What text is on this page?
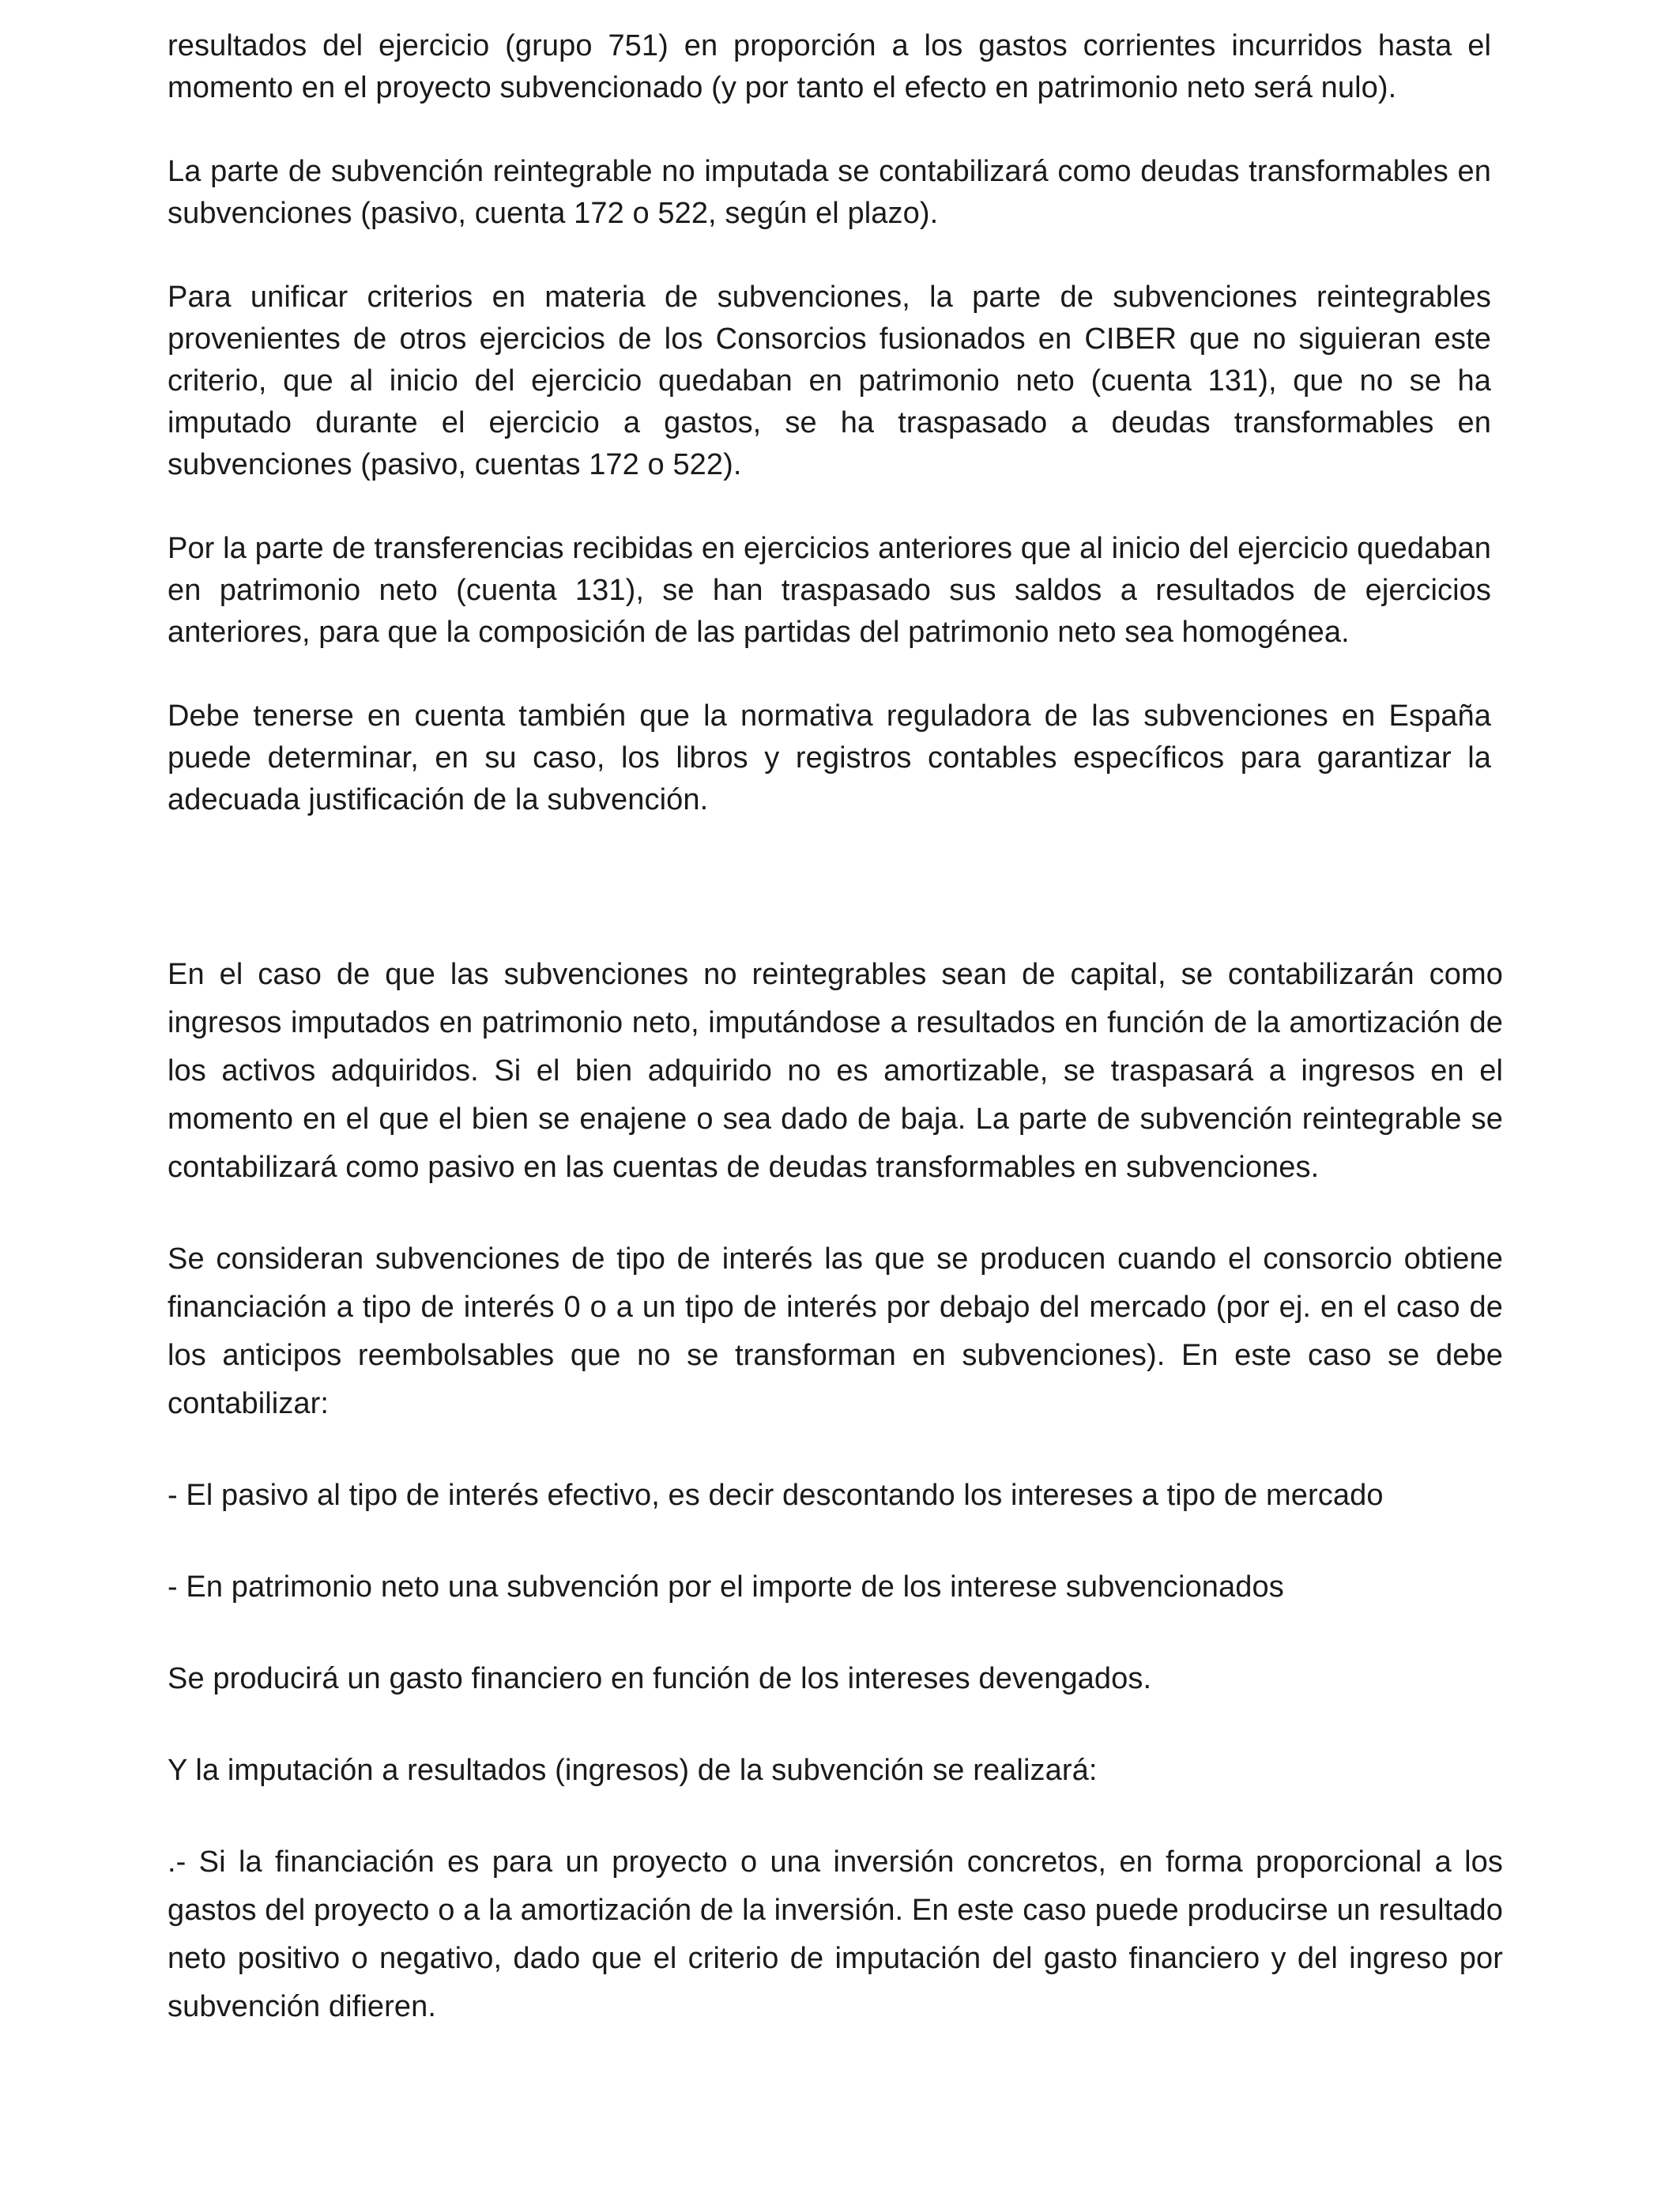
resultados del ejercicio (grupo 751) en proporción a los gastos corrientes incurridos hasta el momento en el proyecto subvencionado (y por tanto el efecto en patrimonio neto será nulo).

La parte de subvención reintegrable no imputada se contabilizará como deudas transformables en subvenciones (pasivo, cuenta 172 o 522, según el plazo).

Para unificar criterios en materia de subvenciones, la parte de subvenciones reintegrables provenientes de otros ejercicios de los Consorcios fusionados en CIBER que no siguieran este criterio, que al inicio del ejercicio quedaban en patrimonio neto (cuenta 131), que no se ha imputado durante el ejercicio a gastos, se ha traspasado a deudas transformables en subvenciones (pasivo, cuentas 172 o 522).

Por la parte de transferencias recibidas en ejercicios anteriores que al inicio del ejercicio quedaban en patrimonio neto (cuenta 131), se han traspasado sus saldos a resultados de ejercicios anteriores, para que la composición de las partidas del patrimonio neto sea homogénea.

Debe tenerse en cuenta también que la normativa reguladora de las subvenciones en España puede determinar, en su caso, los libros y registros contables específicos para garantizar la adecuada justificación de la subvención.

En el caso de que las subvenciones no reintegrables sean de capital, se contabilizarán como ingresos imputados en patrimonio neto, imputándose a resultados en función de la amortización de los activos adquiridos. Si el bien adquirido no es amortizable, se traspasará a ingresos en el momento en el que el bien se enajene o sea dado de baja. La parte de subvención reintegrable se contabilizará como pasivo en las cuentas de deudas transformables en subvenciones.

Se consideran subvenciones de tipo de interés las que se producen cuando el consorcio obtiene financiación a tipo de interés 0 o a un tipo de interés por debajo del mercado (por ej. en el caso de los anticipos reembolsables que no se transforman en subvenciones). En este caso se debe contabilizar:

- El pasivo al tipo de interés efectivo, es decir descontando los intereses a tipo de mercado

- En patrimonio neto una subvención por el importe de los interese subvencionados

Se producirá un gasto financiero en función de los intereses devengados.

Y la imputación a resultados (ingresos) de la subvención se realizará:

.- Si la financiación es para un proyecto o una inversión concretos, en forma proporcional a los gastos del proyecto o a la amortización de la inversión. En este caso puede producirse un resultado neto positivo o negativo, dado que el criterio de imputación del gasto financiero y del ingreso por subvención difieren.
